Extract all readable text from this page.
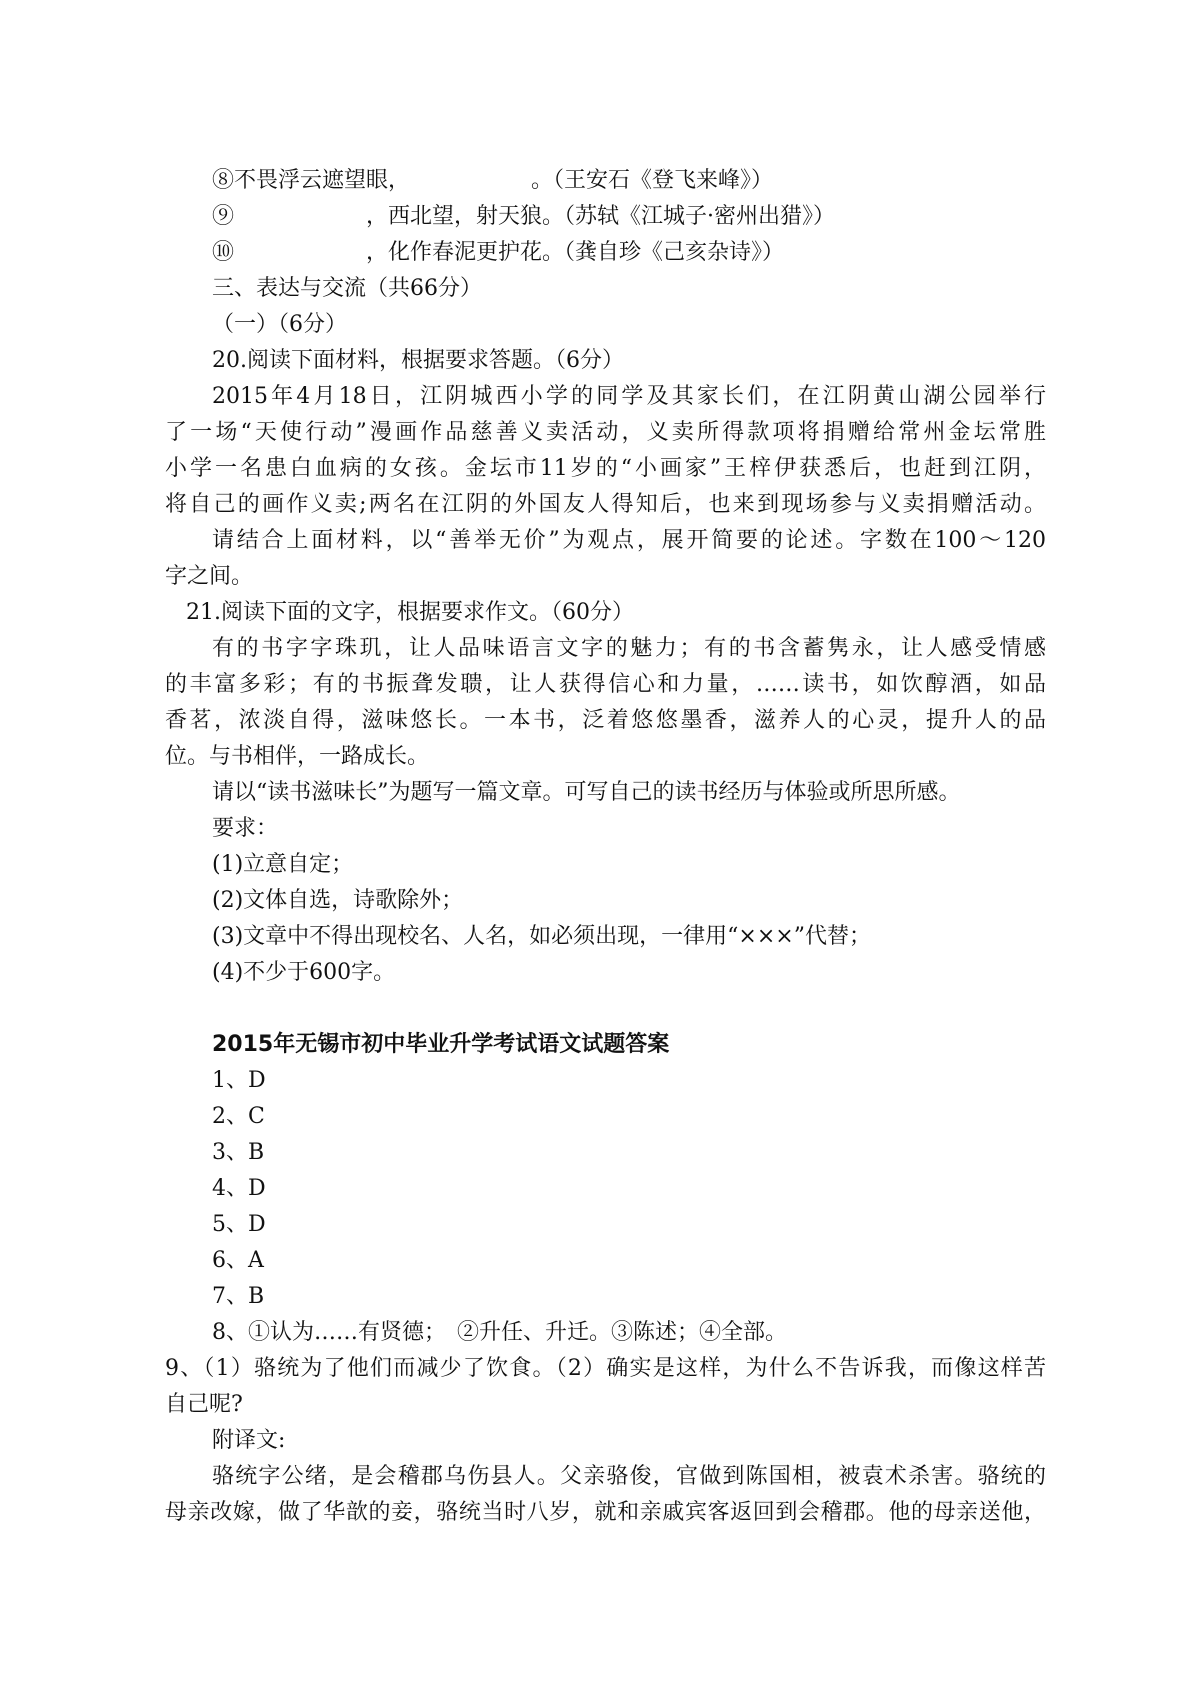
⑧不畏浮云遮望眼，　　　　　　。（王安石《登飞来峰》）
⑨　　　　　　，西北望，射天狼。（苏轼《江城子·密州出猎》）
⑩　　　　　　，化作春泥更护花。（龚自珍《己亥杂诗》）
三、表达与交流（共66分）
（一）（6分）
20.阅读下面材料，根据要求答题。（6分）
2015年4月18日，江阴城西小学的同学及其家长们，在江阴黄山湖公园举行
了一场“天使行动”漫画作品慈善义卖活动，义卖所得款项将捐赠给常州金坛常胜
小学一名患白血病的女孩。金坛市11岁的“小画家”王梓伊获悉后，也赶到江阴，
将自己的画作义卖;两名在江阴的外国友人得知后，也来到现场参与义卖捐赠活动。
请结合上面材料，以“善举无价”为观点，展开简要的论述。字数在100～120
字之间。
21.阅读下面的文字，根据要求作文。（60分）
有的书字字珠玑，让人品味语言文字的魅力；有的书含蓄隽永，让人感受情感
的丰富多彩；有的书振聋发聩，让人获得信心和力量，……读书，如饮醇酒，如品
香茗，浓淡自得，滋味悠长。一本书，泛着悠悠墨香，滋养人的心灵，提升人的品
位。与书相伴，一路成长。
请以“读书滋味长”为题写一篇文章。可写自己的读书经历与体验或所思所感。
要求：
(1)立意自定；
(2)文体自选，诗歌除外；
(3)文章中不得出现校名、人名，如必须出现，一律用“×××”代替；
(4)不少于600字。
2015年无锡市初中毕业升学考试语文试题答案
1、D
2、C
3、B
4、D
5、D
6、A
7、B
8、①认为……有贤德；　②升任、升迁。③陈述；④全部。
9、（1）骆统为了他们而减少了饮食。（2）确实是这样，为什么不告诉我，而像这样苦
自己呢?
附译文:
骆统字公绪，是会稽郡乌伤县人。父亲骆俊，官做到陈国相，被袁术杀害。骆统的
母亲改嫁，做了华歆的妾，骆统当时八岁，就和亲戚宾客返回到会稽郡。他的母亲送他，
